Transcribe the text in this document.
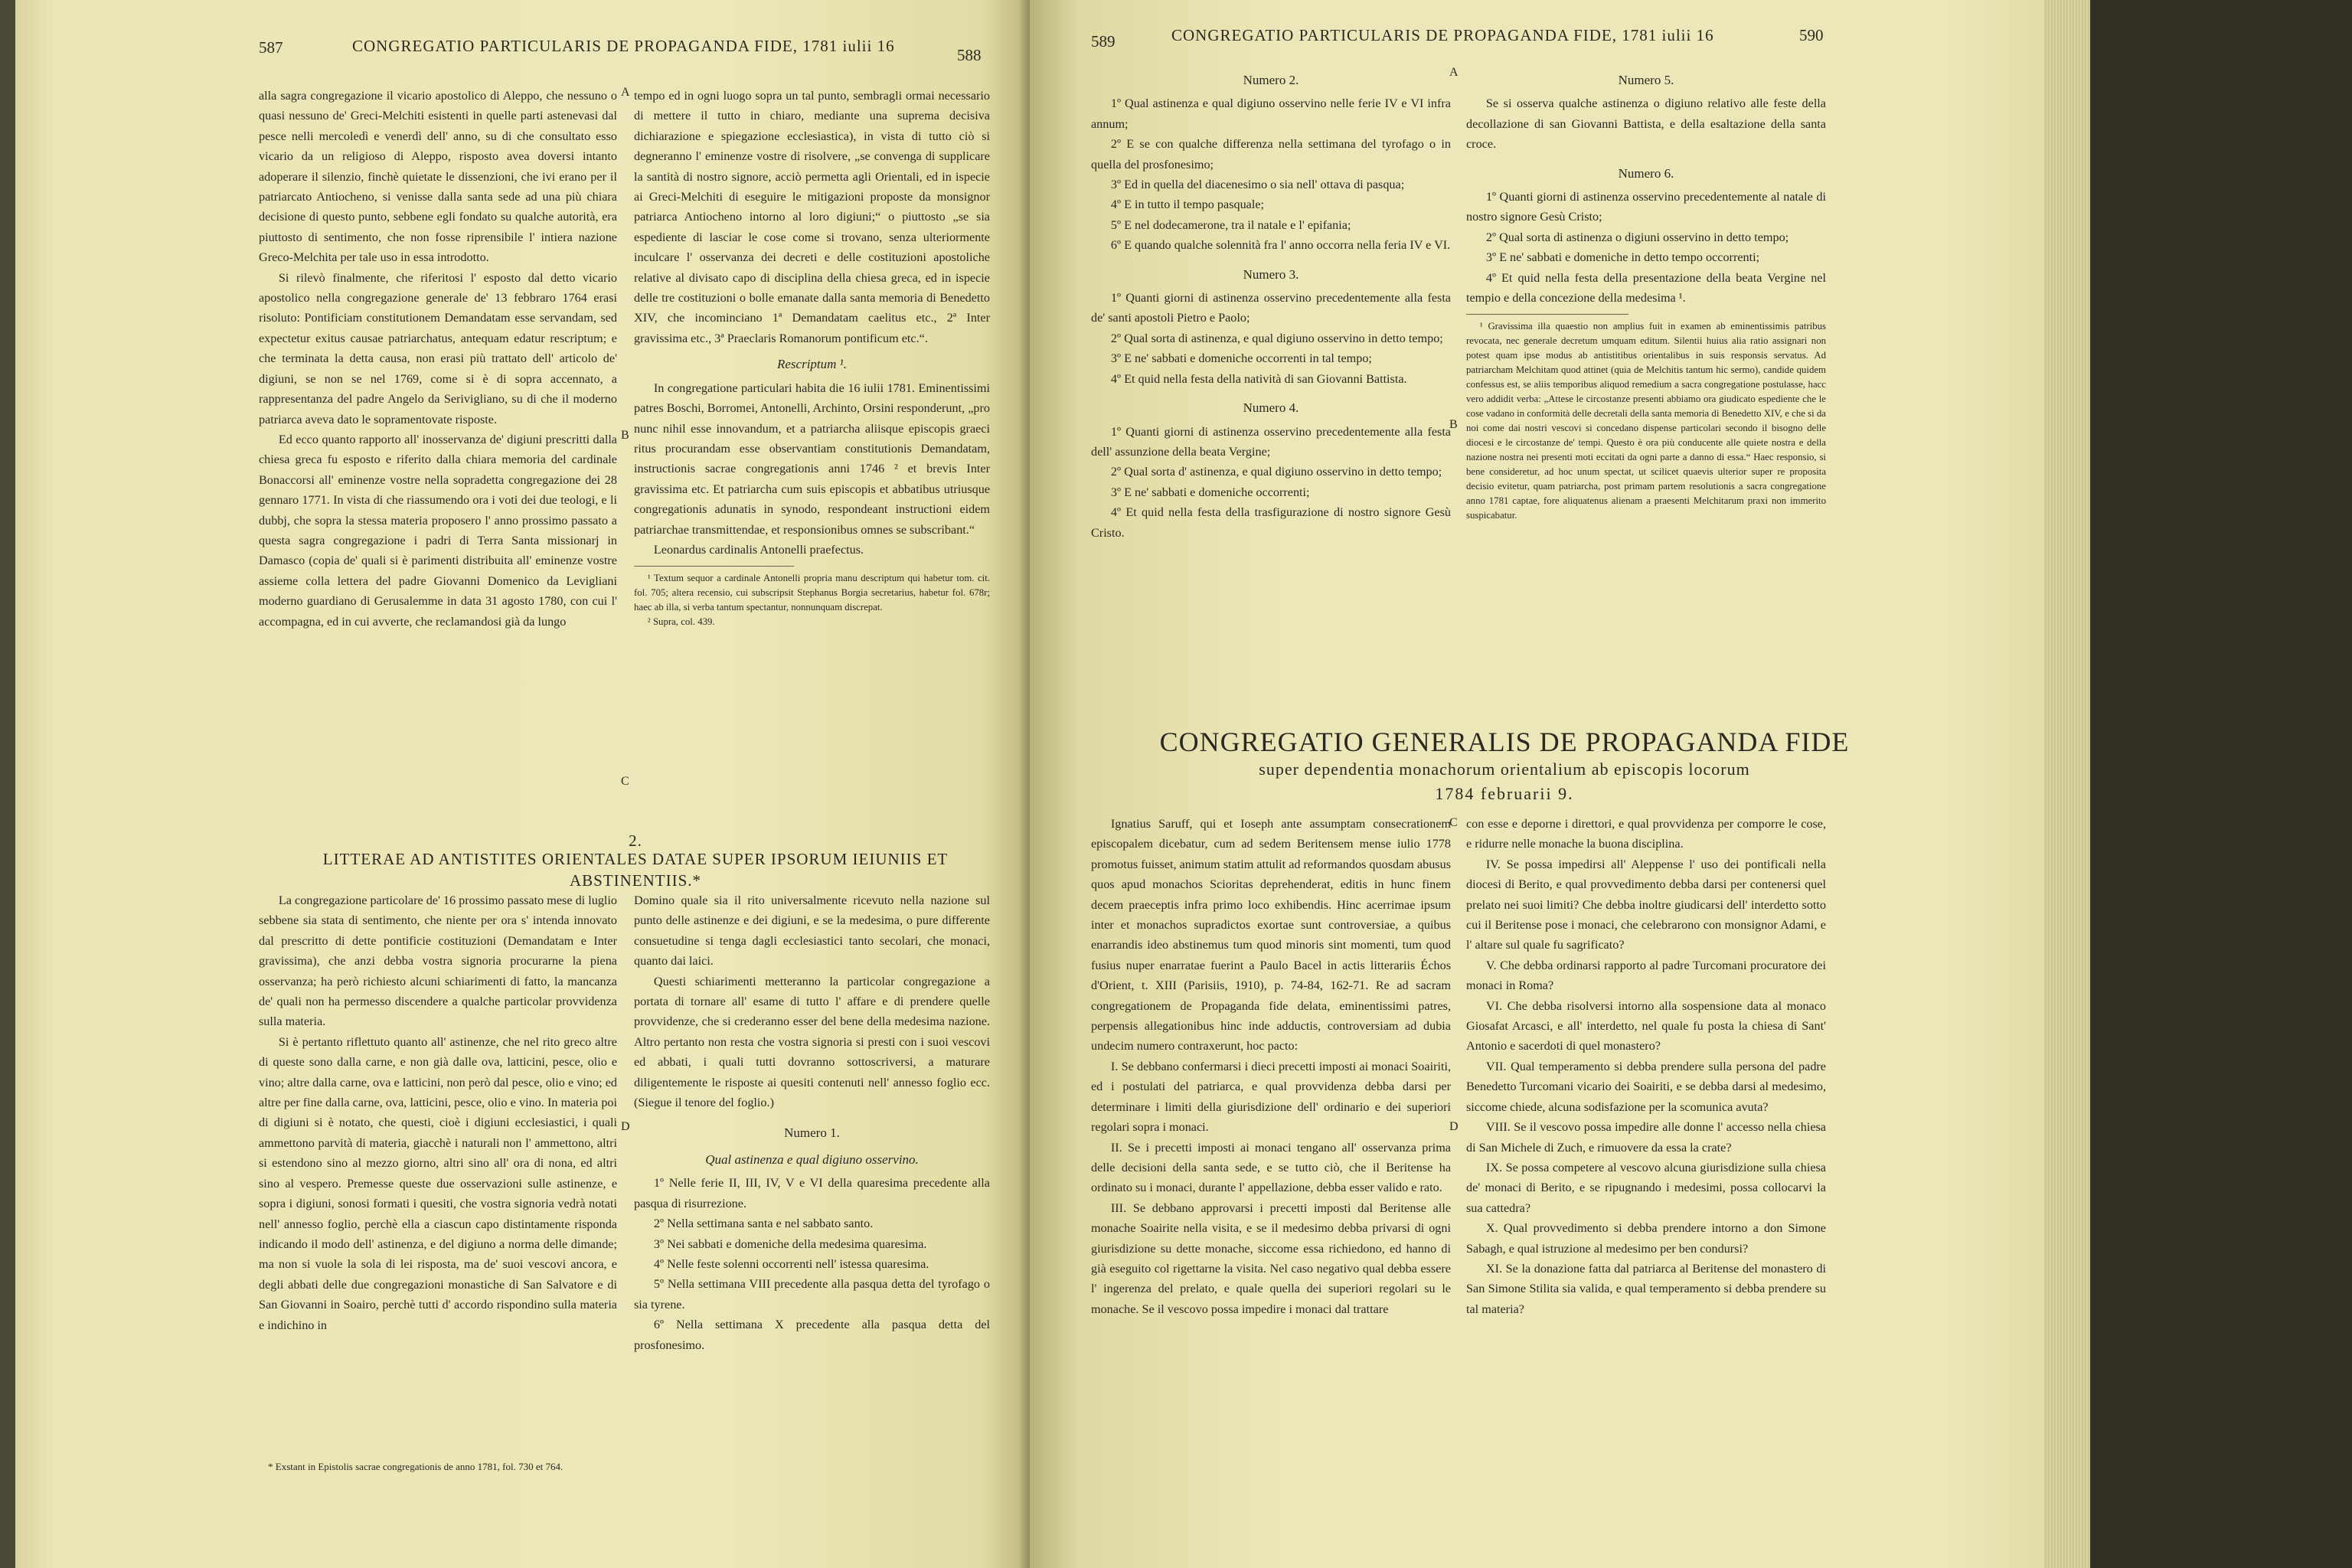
587	CONGREGATIO PARTICULARIS DE PROPAGANDA FIDE, 1781 iulii 16	588

alla sagra congregazione il vicario apostolico di Aleppo, che nessuno o quasi nessuno de' Greci-Melchiti esistenti in quelle parti astenevasi dal pesce nelli mercoledì e venerdì dell' anno, su di che consultato esso vicario da un religioso di Aleppo, risposto avea doversi intanto adoperare il silenzio, finchè quietate le dissenzioni, che ivi erano per il patriarcato Antiocheno, si venisse dalla santa sede ad una più chiara decisione di questo punto, sebbene egli fondato su qualche autorità, era piuttosto di sentimento, che non fosse riprensibile l' intiera nazione Greco-Melchita per tale uso in essa introdotto.

Si rilevò finalmente, che riferitosi l' esposto dal detto vicario apostolico nella congregazione generale de' 13 febbraro 1764 erasi risoluto: Pontificiam constitutionem Demandatam esse servandam, sed expectetur exitus causae patriarchatus, antequam edatur rescriptum; e che terminata la detta causa, non erasi più trattato dell' articolo de' digiuni, se non se nel 1769, come si è di sopra accennato, a rappresentanza del padre Angelo da Serivigliano, su di che il moderno patriarca aveva dato le sopramentovate risposte.

Ed ecco quanto rapporto all' inosservanza de' digiuni prescritti dalla chiesa greca fu esposto e riferito dalla chiara memoria del cardinale Bonaccorsi all' eminenze vostre nella sopradetta congregazione dei 28 gennaro 1771. In vista di che riassumendo ora i voti dei due teologi, e li dubbj, che sopra la stessa materia proposero l' anno prossimo passato a questa sagra congregazione i padri di Terra Santa missionarj in Damasco (copia de' quali si è parimenti distribuita all' eminenze vostre assieme colla lettera del padre Giovanni Domenico da Levigliani moderno guardiano di Gerusalemme in data 31 agosto 1780, con cui l' accompagna, ed in cui avverte, che reclamandosi già da lungo

A
B
C
D

tempo ed in ogni luogo sopra un tal punto, sembragli ormai necessario di mettere il tutto in chiaro, mediante una suprema decisiva dichiarazione e spiegazione ecclesiastica), in vista di tutto ciò si degneranno l' eminenze vostre di risolvere, „se convenga di supplicare la santità di nostro signore, acciò permetta agli Orientali, ed in ispecie ai Greci-Melchiti di eseguire le mitigazioni proposte da monsignor patriarca Antiocheno intorno al loro digiuni;“ o piuttosto „se sia espediente di lasciar le cose come si trovano, senza ulteriormente inculcare l' osservanza dei decreti e delle costituzioni apostoliche relative al divisato capo di disciplina della chiesa greca, ed in ispecie delle tre costituzioni o bolle emanate dalla santa memoria di Benedetto XIV, che incominciano 1ª Demandatam caelitus etc., 2ª Inter gravissima etc., 3ª Praeclaris Romanorum pontificum etc.“.

Rescriptum ¹.

In congregatione particulari habita die 16 iulii 1781. Eminentissimi patres Boschi, Borromei, Antonelli, Archinto, Orsini responderunt, „pro nunc nihil esse innovandum, et a patriarcha aliisque episcopis graeci ritus procurandam esse observantiam constitutionis Demandatam, instructionis sacrae congregationis anni 1746 ² et brevis Inter gravissima etc. Et patriarcha cum suis episcopis et abbatibus utriusque congregationis adunatis in synodo, respondeant instructioni eidem patriarchae transmittendae, et responsionibus omnes se subscribant.“

Leonardus cardinalis Antonelli praefectus.

¹ Textum sequor a cardinale Antonelli propria manu descriptum qui habetur tom. cit. fol. 705; altera recensio, cui subscripsit Stephanus Borgia secretarius, habetur fol. 678r; haec ab illa, si verba tantum spectantur, nonnunquam discrepat.

² Supra, col. 439.

2.
LITTERAE AD ANTISTITES ORIENTALES DATAE SUPER IPSORUM IEIUNIIS ET ABSTINENTIIS.*

La congregazione particolare de' 16 prossimo passato mese di luglio sebbene sia stata di sentimento, che niente per ora s' intenda innovato dal prescritto di dette pontificie costituzioni (Demandatam e Inter gravissima), che anzi debba vostra signoria procurarne la piena osservanza; ha però richiesto alcuni schiarimenti di fatto, la mancanza de' quali non ha permesso discendere a qualche particolar provvidenza sulla materia.

Si è pertanto riflettuto quanto all' astinenze, che nel rito greco altre di queste sono dalla carne, e non già dalle ova, latticini, pesce, olio e vino; altre dalla carne, ova e latticini, non però dal pesce, olio e vino; ed altre per fine dalla carne, ova, latticini, pesce, olio e vino. In materia poi di digiuni si è notato, che questi, cioè i digiuni ecclesiastici, i quali ammettono parvità di materia, giacchè i naturali non l' ammettono, altri si estendono sino al mezzo giorno, altri sino all' ora di nona, ed altri sino al vespero. Premesse queste due osservazioni sulle astinenze, e sopra i digiuni, sonosi formati i quesiti, che vostra signoria vedrà notati nell' annesso foglio, perchè ella a ciascun capo distintamente risponda indicando il modo dell' astinenza, e del digiuno a norma delle dimande; ma non si vuole la sola di lei risposta, ma de' suoi vescovi ancora, e degli abbati delle due congregazioni monastiche di San Salvatore e di San Giovanni in Soairo, perchè tutti d' accordo rispondino sulla materia e indichino in

Domino quale sia il rito universalmente ricevuto nella nazione sul punto delle astinenze e dei digiuni, e se la medesima, o pure differente consuetudine si tenga dagli ecclesiastici tanto secolari, che monaci, quanto dai laici.

Questi schiarimenti metteranno la particolar congregazione a portata di tornare all' esame di tutto l' affare e di prendere quelle provvidenze, che si crederanno esser del bene della medesima nazione. Altro pertanto non resta che vostra signoria si presti con i suoi vescovi ed abbati, i quali tutti dovranno sottoscriversi, a maturare diligentemente le risposte ai quesiti contenuti nell' annesso foglio ecc. (Siegue il tenore del foglio.)

Numero 1.
Qual astinenza e qual digiuno osservino.

1º Nelle ferie II, III, IV, V e VI della quaresima precedente alla pasqua di risurrezione.

2º Nella settimana santa e nel sabbato santo.

3º Nei sabbati e domeniche della medesima quaresima.

4º Nelle feste solenni occorrenti nell' istessa quaresima.

5º Nella settimana VIII precedente alla pasqua detta del tyrofago o sia tyrene.

6º Nella settimana X precedente alla pasqua detta del prosfonesimo.

* Exstant in Epistolis sacrae congregationis de anno 1781, fol. 730 et 764.
589	CONGREGATIO PARTICULARIS DE PROPAGANDA FIDE, 1781 iulii 16	590
Numero 2.

1º Qual astinenza e qual digiuno osservino nelle ferie IV e VI infra annum;

2º E se con qualche differenza nella settimana del tyrofago o in quella del prosfonesimo;

3º Ed in quella del diacenesimo o sia nell' ottava di pasqua;

4º E in tutto il tempo pasquale;

5º E nel dodecamerone, tra il natale e l' epifania;

6º E quando qualche solennità fra l' anno occorra nella feria IV e VI.

Numero 3.

1º Quanti giorni di astinenza osservino precedentemente alla festa de' santi apostoli Pietro e Paolo;

2º Qual sorta di astinenza, e qual digiuno osservino in detto tempo;

3º E ne' sabbati e domeniche occorrenti in tal tempo;

4º Et quid nella festa della natività di san Giovanni Battista.

Numero 4.

1º Quanti giorni di astinenza osservino precedentemente alla festa dell' assunzione della beata Vergine;

2º Qual sorta d' astinenza, e qual digiuno osservino in detto tempo;

3º E ne' sabbati e domeniche occorrenti;

4º Et quid nella festa della trasfigurazione di nostro signore Gesù Cristo.

A
B
C
D
Numero 5.

Se si osserva qualche astinenza o digiuno relativo alle feste della decollazione di san Giovanni Battista, e della esaltazione della santa croce.

Numero 6.

1º Quanti giorni di astinenza osservino precedentemente al natale di nostro signore Gesù Cristo;

2º Qual sorta di astinenza o digiuni osservino in detto tempo;

3º E ne' sabbati e domeniche in detto tempo occorrenti;

4º Et quid nella festa della presentazione della beata Vergine nel tempio e della concezione della medesima ¹.

¹ Gravissima illa quaestio non amplius fuit in examen ab eminentissimis patribus revocata, nec generale decretum umquam editum. Silentii huius alia ratio assignari non potest quam ipse modus ab antistitibus orientalibus in suis responsis servatus. Ad patriarcham Melchitam quod attinet (quia de Melchitis tantum hic sermo), candide quidem confessus est, se aliis temporibus aliquod remedium a sacra congregatione postulasse, hacc vero addidit verba: „Attese le circostanze presenti abbiamo ora giudicato espediente che le cose vadano in conformità delle decretali della santa memoria di Benedetto XIV, e che si da noi come dai nostri vescovi si concedano dispense particolari secondo il bisogno delle diocesi e le circostanze de' tempi. Questo è ora più conducente alle quiete nostra e della nazione nostra nei presenti moti eccitati da ogni parte a danno di essa.“ Haec responsio, si bene consideretur, ad hoc unum spectat, ut scilicet quaevis ulterior super re proposita decisio evitetur, quam patriarcha, post primam partem resolutionis a sacra congregatione anno 1781 captae, fore aliquatenus alienam a praesenti Melchitarum praxi non immerito suspicabatur.

CONGREGATIO GENERALIS DE PROPAGANDA FIDE
super dependentia monachorum orientalium ab episcopis locorum
1784 februarii 9.

Ignatius Saruff, qui et Ioseph ante assumptam consecrationem episcopalem dicebatur, cum ad sedem Beritensem mense iulio 1778 promotus fuisset, animum statim attulit ad reformandos quosdam abusus quos apud monachos Scioritas deprehenderat, editis in hunc finem decem praeceptis infra primo loco exhibendis. Hinc acerrimae ipsum inter et monachos supradictos exortae sunt controversiae, a quibus enarrandis ideo abstinemus tum quod minoris sint momenti, tum quod fusius nuper enarratae fuerint a Paulo Bacel in actis litterariis Échos d'Orient, t. XIII (Parisiis, 1910), p. 74-84, 162-71. Re ad sacram congregationem de Propaganda fide delata, eminentissimi patres, perpensis allegationibus hinc inde adductis, controversiam ad dubia undecim numero contraxerunt, hoc pacto:

I. Se debbano confermarsi i dieci precetti imposti ai monaci Soairiti, ed i postulati del patriarca, e qual provvidenza debba darsi per determinare i limiti della giurisdizione dell' ordinario e dei superiori regolari sopra i monaci.

II. Se i precetti imposti ai monaci tengano all' osservanza prima delle decisioni della santa sede, e se tutto ciò, che il Beritense ha ordinato su i monaci, durante l' appellazione, debba esser valido e rato.

III. Se debbano approvarsi i precetti imposti dal Beritense alle monache Soairite nella visita, e se il medesimo debba privarsi di ogni giurisdizione su dette monache, siccome essa richiedono, ed hanno di già eseguito col rigettarne la visita. Nel caso negativo qual debba essere l' ingerenza del prelato, e quale quella dei superiori regolari su le monache. Se il vescovo possa impedire i monaci dal trattare

con esse e deporne i direttori, e qual provvidenza per comporre le cose, e ridurre nelle monache la buona disciplina.

IV. Se possa impedirsi all' Aleppense l' uso dei pontificali nella diocesi di Berito, e qual provvedimento debba darsi per contenersi quel prelato nei suoi limiti? Che debba inoltre giudicarsi dell' interdetto sotto cui il Beritense pose i monaci, che celebrarono con monsignor Adami, e l' altare sul quale fu sagrificato?

V. Che debba ordinarsi rapporto al padre Turcomani procuratore dei monaci in Roma?

VI. Che debba risolversi intorno alla sospensione data al monaco Giosafat Arcasci, e all' interdetto, nel quale fu posta la chiesa di Sant' Antonio e sacerdoti di quel monastero?

VII. Qual temperamento si debba prendere sulla persona del padre Benedetto Turcomani vicario dei Soairiti, e se debba darsi al medesimo, siccome chiede, alcuna sodisfazione per la scomunica avuta?

VIII. Se il vescovo possa impedire alle donne l' accesso nella chiesa di San Michele di Zuch, e rimuovere da essa la crate?

IX. Se possa competere al vescovo alcuna giurisdizione sulla chiesa de' monaci di Berito, e se ripugnando i medesimi, possa collocarvi la sua cattedra?

X. Qual provvedimento si debba prendere intorno a don Simone Sabagh, e qual istruzione al medesimo per ben condursi?

XI. Se la donazione fatta dal patriarca al Beritense del monastero di San Simone Stilita sia valida, e qual temperamento si debba prendere su tal materia?
